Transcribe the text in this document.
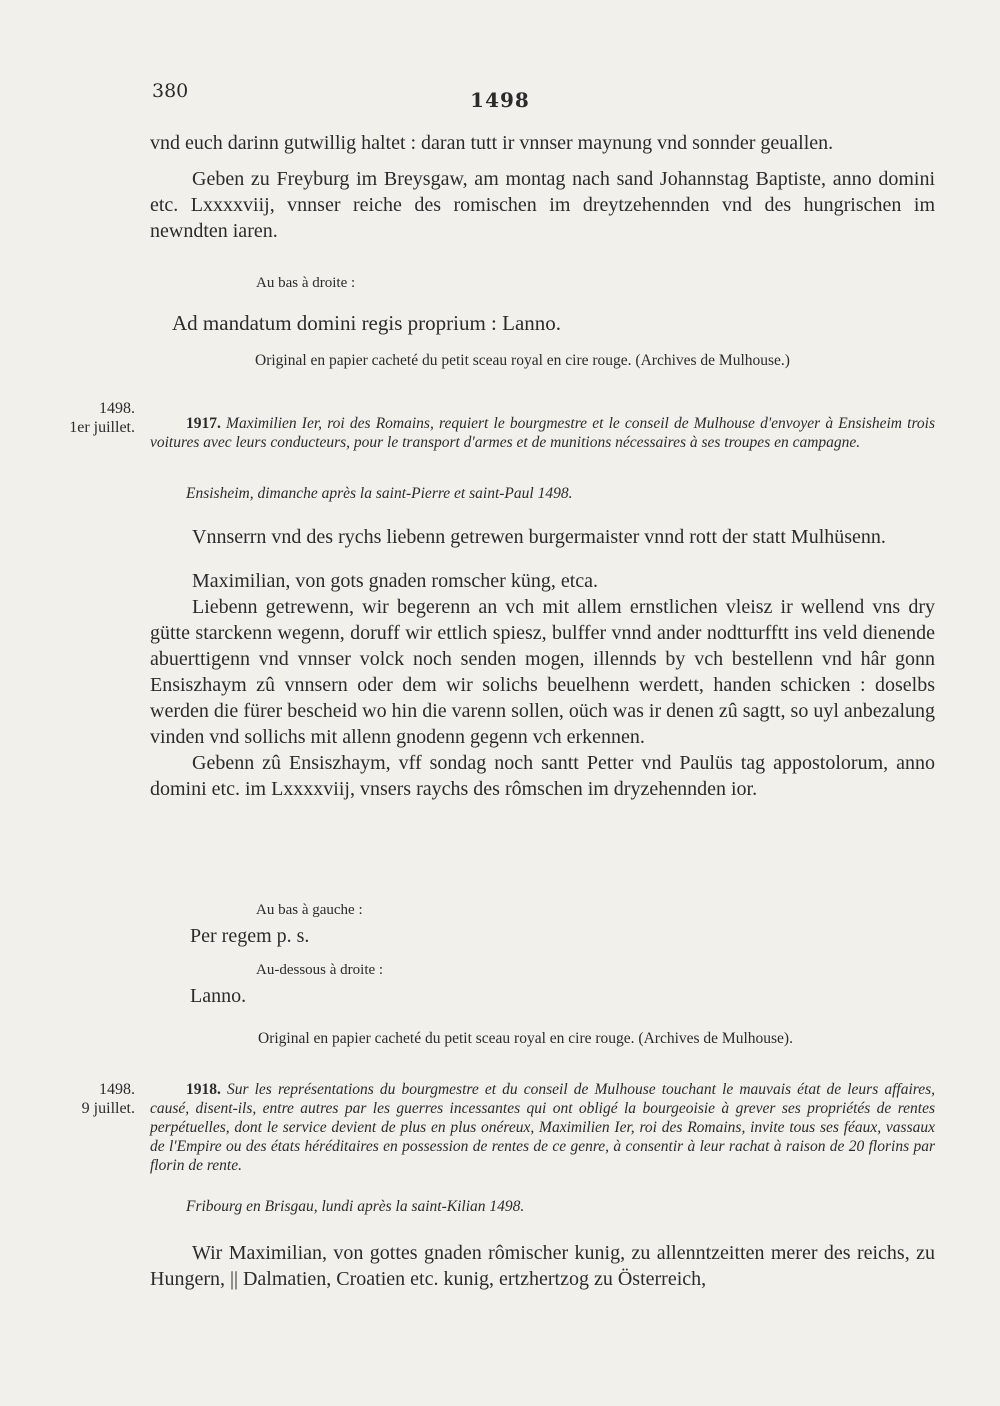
380	1498

vnd euch darinn gutwillig haltet : daran tutt ir vnnser maynung vnd sonnder geuallen.

Geben zu Freyburg im Breysgaw, am montag nach sand Johannstag Baptiste, anno domini etc. Lxxxxviij, vnnser reiche des romischen im dreytzehennden vnd des hungrischen im newndten iaren.

Au bas à droite :
Ad mandatum domini regis proprium : Lanno.
Original en papier cacheté du petit sceau royal en cire rouge. (Archives de Mulhouse.)
1498.
1er juillet.	1917. Maximilien Ier, roi des Romains, requiert le bourgmestre et le conseil de Mulhouse d'envoyer à Ensisheim trois voitures avec leurs conducteurs, pour le transport d'armes et de munitions nécessaires à ses troupes en campagne.
Ensisheim, dimanche après la saint-Pierre et saint-Paul 1498.

Vnnserrn vnd des rychs liebenn getrewen burgermaister vnnd rott der statt Mulhüsenn.

Maximilian, von gots gnaden romscher küng, etca.

Liebenn getrewenn, wir begerenn an vch mit allem ernstlichen vleisz ir wellend vns dry gütte starckenn wegenn, doruff wir ettlich spiesz, bulffer vnnd ander nodtturfftt ins veld dienende abuerttigenn vnd vnnser volck noch senden mogen, illennds by vch bestellenn vnd hâr gonn Ensiszhaym zû vnnsern oder dem wir solichs beuelhenn werdett, handen schicken : doselbs werden die fürer bescheid wo hin die varenn sollen, oüch was ir denen zû sagtt, so uyl anbezalung vinden vnd sollichs mit allenn gnodenn gegenn vch erkennen.

Gebenn zû Ensiszhaym, vff sondag noch santt Petter vnd Paulüs tag appostolorum, anno domini etc. im Lxxxxviij, vnsers raychs des rômschen im dryzehennden ior.

Au bas à gauche :
Per regem p. s.
Au-dessous à droite :
Lanno.
Original en papier cacheté du petit sceau royal en cire rouge. (Archives de Mulhouse).
1498.
9 juillet.
1918. Sur les représentations du bourgmestre et du conseil de Mulhouse touchant le mauvais état de leurs affaires, causé, disent-ils, entre autres par les guerres incessantes qui ont obligé la bourgeoisie à grever ses propriétés de rentes perpétuelles, dont le service devient de plus en plus onéreux, Maximilien Ier, roi des Romains, invite tous ses féaux, vassaux de l'Empire ou des états héréditaires en possession de rentes de ce genre, à consentir à leur rachat à raison de 20 florins par florin de rente.
Fribourg en Brisgau, lundi après la saint-Kilian 1498.

Wir Maximilian, von gottes gnaden rômischer kunig, zu allenntzeitten merer des reichs, zu Hungern, || Dalmatien, Croatien etc. kunig, ertzhertzog zu Österreich,
